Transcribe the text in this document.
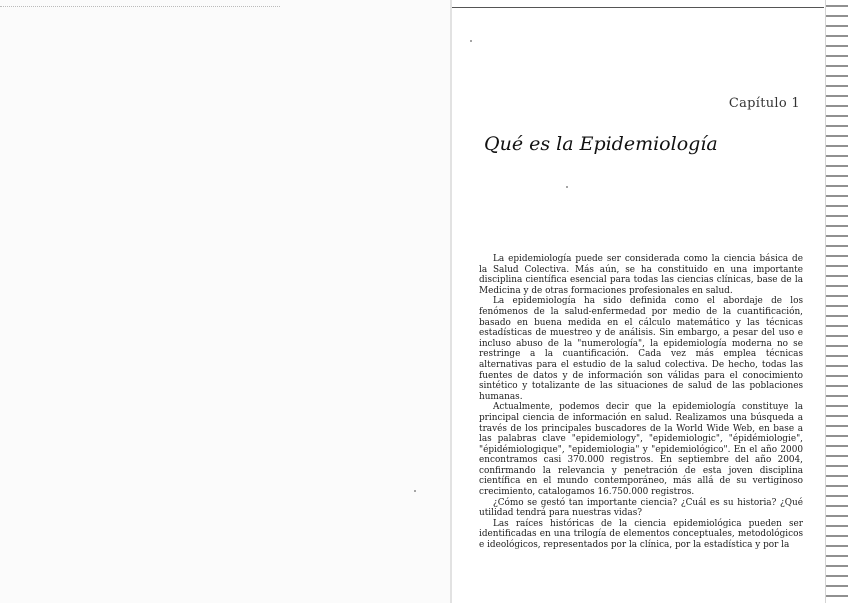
Capítulo 1
Qué es la Epidemiología

La epidemiología puede ser considerada como la ciencia básica de la Salud Colectiva. Más aún, se ha constituido en una importante disciplina científica esencial para todas las ciencias clínicas, base de la Medicina y de otras formaciones profesionales en salud.

La epidemiología ha sido definida como el abordaje de los fenómenos de la salud-enfermedad por medio de la cuantificación, basado en buena medida en el cálculo matemático y las técnicas estadísticas de muestreo y de análisis. Sin embargo, a pesar del uso e incluso abuso de la "numerología", la epidemiología moderna no se restringe a la cuantificación. Cada vez más emplea técnicas alternativas para el estudio de la salud colectiva. De hecho, todas las fuentes de datos y de información son válidas para el conocimiento sintético y totalizante de las situaciones de salud de las poblaciones humanas.

Actualmente, podemos decir que la epidemiología constituye la principal ciencia de información en salud. Realizamos una búsqueda a través de los principales buscadores de la World Wide Web, en base a las palabras clave "epidemiology", "epidemiologic", "épidémiologie", "épidémiologique", "epidemiologia" y "epidemiológico". En el año 2000 encontramos casi 370.000 registros. En septiembre del año 2004, confirmando la relevancia y penetración de esta joven disciplina científica en el mundo contemporáneo, más allá de su vertiginoso crecimiento, catalogamos 16.750.000 registros.

¿Cómo se gestó tan importante ciencia? ¿Cuál es su historia? ¿Qué utilidad tendrá para nuestras vidas?

Las raíces históricas de la ciencia epidemiológica pueden ser identificadas en una trilogía de elementos conceptuales, metodológicos e ideológicos, representados por la clínica, por la estadística y por la
